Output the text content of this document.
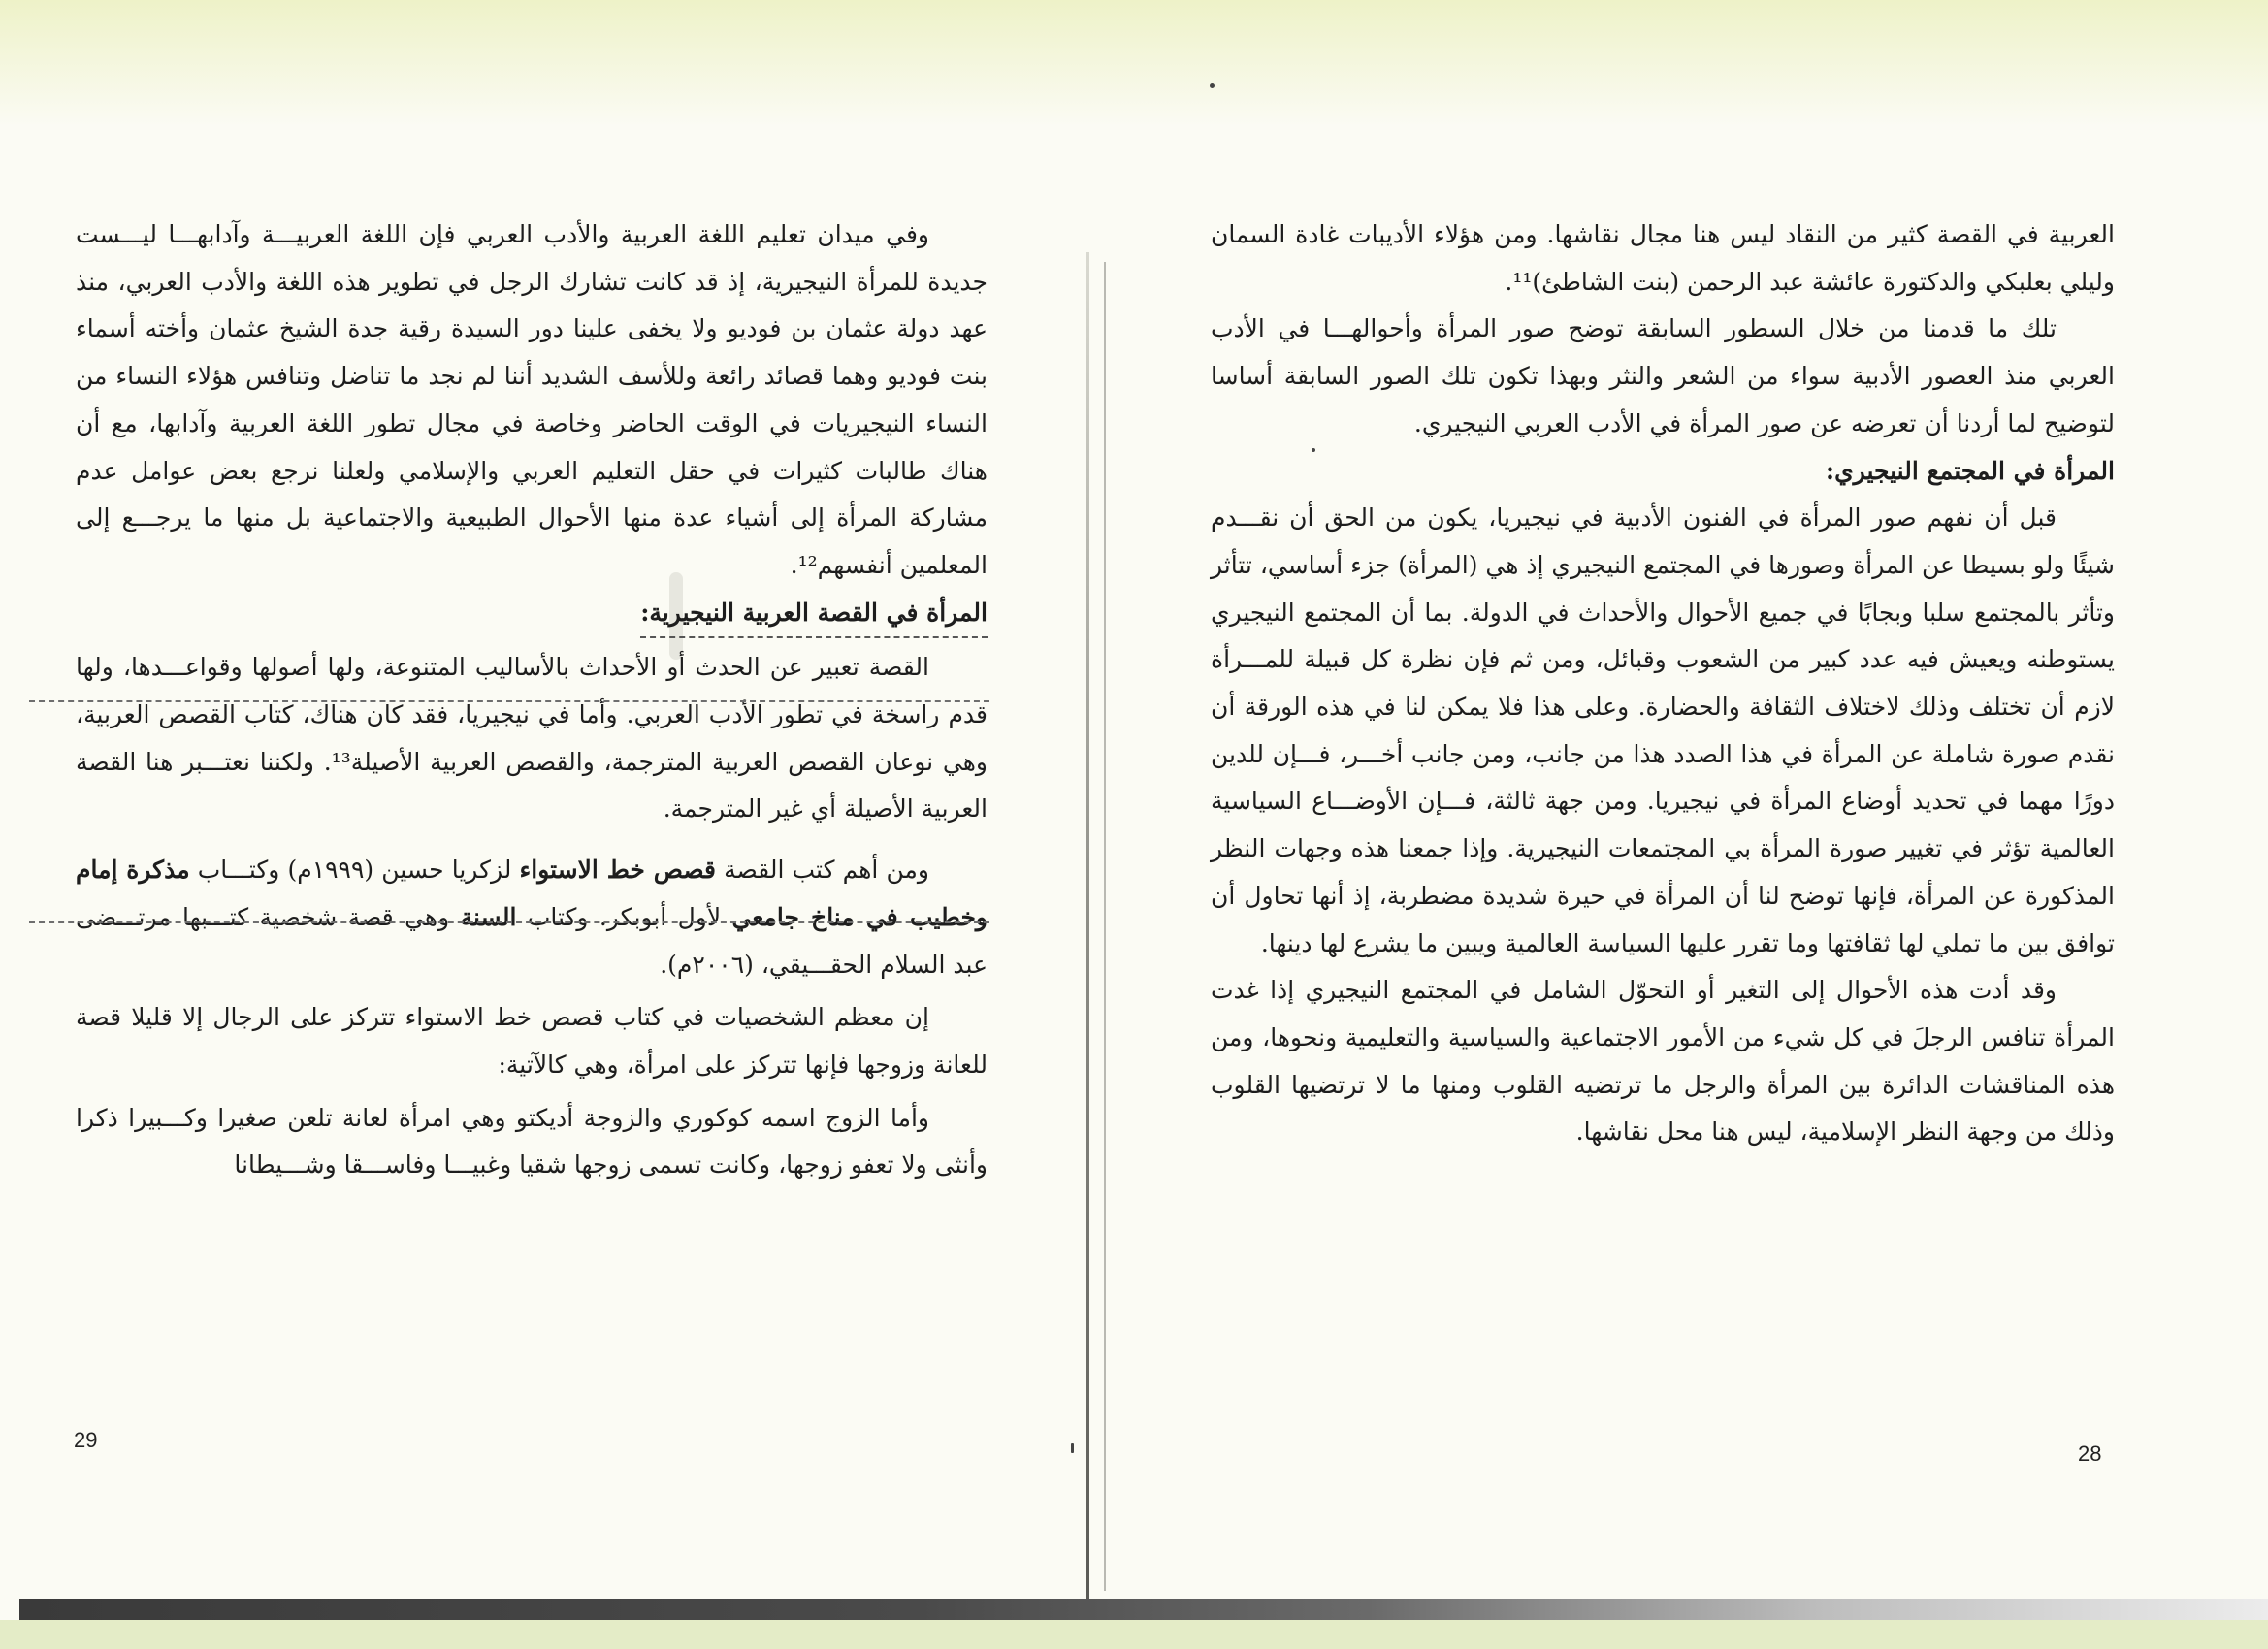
وفي ميدان تعليم اللغة العربية والأدب العربي فإن اللغة العربيـــة وآدابهـــا ليـــست جديدة للمرأة النيجيرية، إذ قد كانت تشارك الرجل في تطوير هذه اللغة والأدب العربي، منذ عهد دولة عثمان بن فوديو ولا يخفى علينا دور السيدة رقية جدة الشيخ عثمان وأخته أسماء بنت فوديو وهما قصائد رائعة وللأسف الشديد أننا لم نجد ما تناضل وتنافس هؤلاء النساء من النساء النيجيريات في الوقت الحاضر وخاصة في مجال تطور اللغة العربية وآدابها، مع أن هناك طالبات كثيرات في حقل التعليم العربي والإسلامي ولعلنا نرجع بعض عوامل عدم مشاركة المرأة إلى أشياء عدة منها الأحوال الطبيعية والاجتماعية بل منها ما يرجـــع إلى المعلمين أنفسهم¹².

المرأة في القصة العربية النيجيرية:

القصة تعبير عن الحدث أو الأحداث بالأساليب المتنوعة، ولها أصولها وقواعـــدها، ولها قدم راسخة في تطور الأدب العربي. وأما في نيجيريا، فقد كان هناك، كتاب القصص العربية، وهي نوعان القصص العربية المترجمة، والقصص العربية الأصيلة¹³. ولكننا نعتـــبر هنا القصة العربية الأصيلة أي غير المترجمة.

ومن أهم كتب القصة قصص خط الاستواء لزكريا حسين (١٩٩٩م) وكتـــاب مذكرة إمام وخطيب في مناخ جامعي لأول أبوبكر. وكتاب السنة وهي قصة شخصية كتـــبها مرتـــضى عبد السلام الحقـــيقي، (٢٠٠٦م).

إن معظم الشخصيات في كتاب قصص خط الاستواء تتركز على الرجال إلا قليلا قصة للعانة وزوجها فإنها تتركز على امرأة، وهي كالآتية:

وأما الزوج اسمه كوكوري والزوجة أديكتو وهي امرأة لعانة تلعن صغيرا وكـــبيرا ذكرا وأنثى ولا تعفو زوجها، وكانت تسمى زوجها شقيا وغبيـــا وفاســـقا وشـــيطانا

29

العربية في القصة كثير من النقاد ليس هنا مجال نقاشها. ومن هؤلاء الأديبات غادة السمان وليلي بعلبكي والدكتورة عائشة عبد الرحمن (بنت الشاطئ)¹¹.

تلك ما قدمنا من خلال السطور السابقة توضح صور المرأة وأحوالهـــا في الأدب العربي منذ العصور الأدبية سواء من الشعر والنثر وبهذا تكون تلك الصور السابقة أساسا لتوضيح لما أردنا أن تعرضه عن صور المرأة في الأدب العربي النيجيري.

المرأة في المجتمع النيجيري:

قبل أن نفهم صور المرأة في الفنون الأدبية في نيجيريا، يكون من الحق أن نقـــدم شيئًا ولو بسيطا عن المرأة وصورها في المجتمع النيجيري إذ هي (المرأة) جزء أساسي، تتأثر وتأثر بالمجتمع سلبا وبجابًا في جميع الأحوال والأحداث في الدولة. بما أن المجتمع النيجيري يستوطنه ويعيش فيه عدد كبير من الشعوب وقبائل، ومن ثم فإن نظرة كل قبيلة للمـــرأة لازم أن تختلف وذلك لاختلاف الثقافة والحضارة. وعلى هذا فلا يمكن لنا في هذه الورقة أن نقدم صورة شاملة عن المرأة في هذا الصدد هذا من جانب، ومن جانب أخـــر، فـــإن للدين دورًا مهما في تحديد أوضاع المرأة في نيجيريا. ومن جهة ثالثة، فـــإن الأوضـــاع السياسية العالمية تؤثر في تغيير صورة المرأة بي المجتمعات النيجيرية. وإذا جمعنا هذه وجهات النظر المذكورة عن المرأة، فإنها توضح لنا أن المرأة في حيرة شديدة مضطربة، إذ أنها تحاول أن توافق بين ما تملي لها ثقافتها وما تقرر عليها السياسة العالمية ويبين ما يشرع لها دينها.

وقد أدت هذه الأحوال إلى التغير أو التحوّل الشامل في المجتمع النيجيري إذا غدت المرأة تنافس الرجلَ في كل شيء من الأمور الاجتماعية والسياسية والتعليمية ونحوها، ومن هذه المناقشات الدائرة بين المرأة والرجل ما ترتضيه القلوب ومنها ما لا ترتضيها القلوب وذلك من وجهة النظر الإسلامية، ليس هنا محل نقاشها.

28
